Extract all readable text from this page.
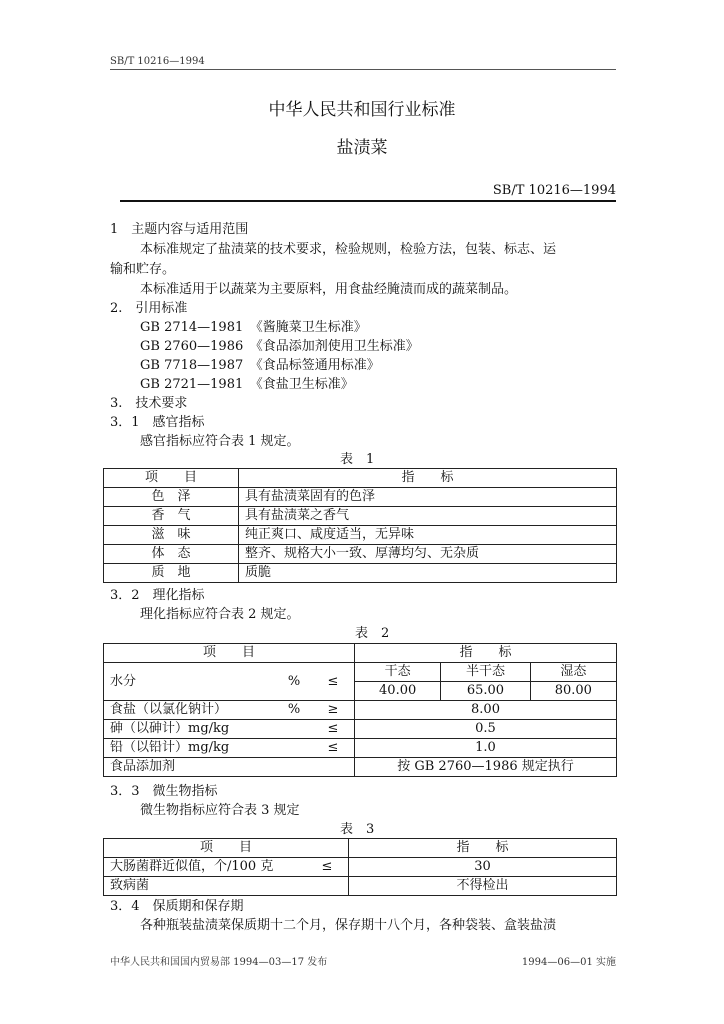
SB/T 10216—1994
中华人民共和国行业标准
盐渍菜
SB/T 10216—1994
1　主题内容与适用范围
本标准规定了盐渍菜的技术要求，检验规则，检验方法，包装、标志、运
输和贮存。
本标准适用于以蔬菜为主要原料，用食盐经腌渍而成的蔬菜制品。
2.　引用标准
GB 2714—1981　《酱腌菜卫生标准》
GB 2760—1986　《食品添加剂使用卫生标准》
GB 7718—1987　《食品标签通用标准》
GB 2721—1981　《食盐卫生标准》
3.　技术要求
3．1　感官指标
感官指标应符合表 1 规定。
表　1
项　　目	指　　标
色　泽	具有盐渍菜固有的色泽
香　气	具有盐渍菜之香气
滋　味	纯正爽口、咸度适当，无异味
体　态	整齐、规格大小一致、厚薄均匀、无杂质
质　地	质脆
3．2　理化指标
理化指标应符合表 2 规定。
表　2
项　　目			指　　标		
水分	%	≤	干态	半干态	湿态
			40.00	65.00	80.00
食盐（以氯化钠计）	%	≥	8.00		
砷（以砷计）mg/kg		≤	0.5		
铅（以铅计）mg/kg		≤	1.0		
食品添加剂			按 GB 2760—1986 规定执行		
3．3　微生物指标
微生物指标应符合表 3 规定
表　3
项　　目		指　　标
大肠菌群近似值，个/100 克	≤	30
致病菌		不得检出
3．4　保质期和保存期
各种瓶装盐渍菜保质期十二个月，保存期十八个月，各种袋装、盒装盐渍
中华人民共和国国内贸易部 1994—03—17 发布	1994—06—01 实施
